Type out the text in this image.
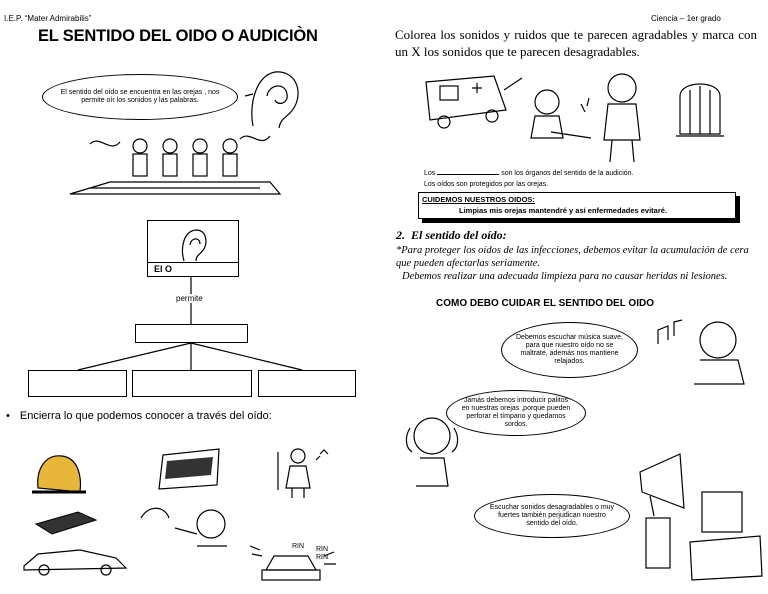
I.E.P. “Mater Admirabilis”
EL SENTIDO DEL OIDO O AUDICIÒN
El sentido del oído se encuentra en las orejas , nos permite oír los sonidos y las palabras.
El O
permite
• Encierra lo que podemos conocer a través del oído:
RIN RIN
RIN
Ciencia – 1er grado
Colorea los sonidos y ruidos que te parecen agradables y marca con un X los sonidos que te parecen desagradables.
Los	son los órganos del sentido de la audición.
Los oídos son protegidos por las orejas.
CUIDEMOS NUESTROS OIDOS:
Limpias mis orejas mantendré y así enfermedades evitaré.
2. El sentido del oído:
*Para proteger los oídos de las infecciones, debemos evitar la acumulación de cera que pueden afectarlas seriamente.
Debemos realizar una adecuada limpieza para no causar heridas ni lesiones.
COMO DEBO CUIDAR EL SENTIDO DEL OIDO
Debemos escuchar música suave, para que nuestro oído no se maltrate, además nos mantiene relajados.
Jamás debemos introducir palitos en nuestras orejas ,porque pueden perforar el tímpano y quedamos sordos.
Escuchar sonidos desagradables o muy fuertes también perjudican nuestro sentido del oído.
